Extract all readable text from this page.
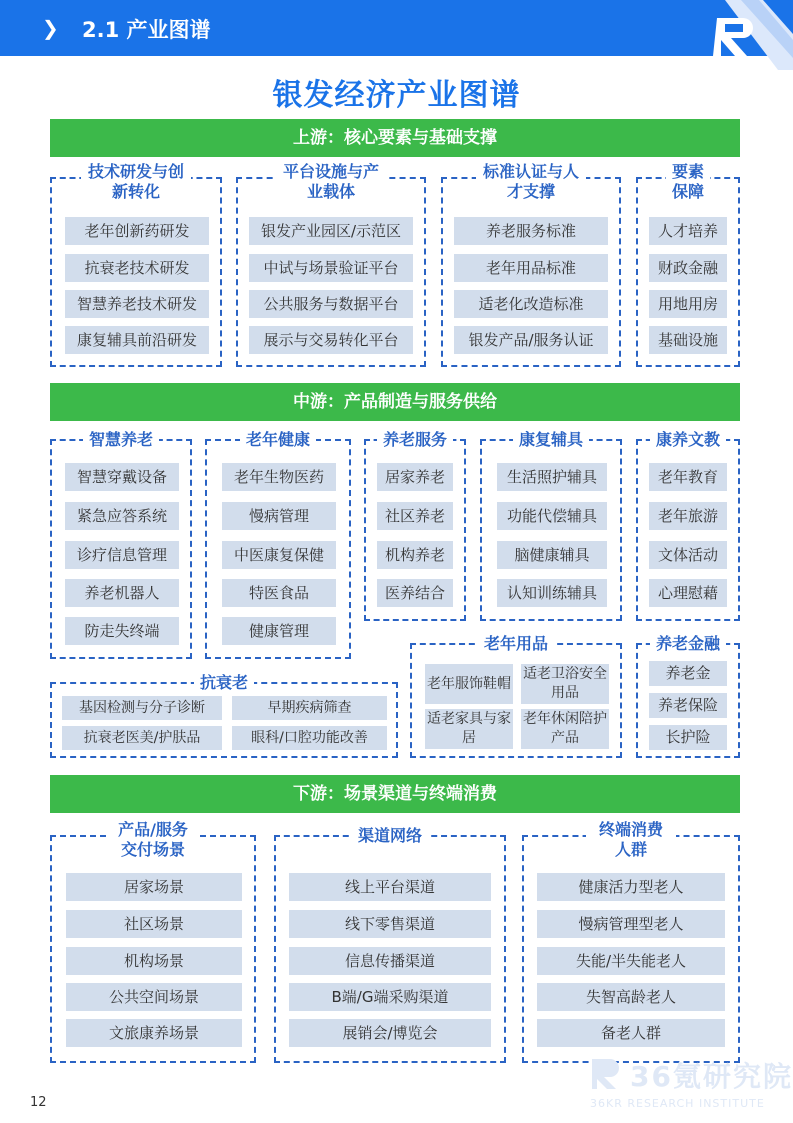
❯ 2.1 产业图谱
银发经济产业图谱
上游：核心要素与基础支撑
技术研发与创新转化
老年创新药研发
抗衰老技术研发
智慧养老技术研发
康复辅具前沿研发
平台设施与产业载体
银发产业园区/示范区
中试与场景验证平台
公共服务与数据平台
展示与交易转化平台
标准认证与人才支撑
养老服务标准
老年用品标准
适老化改造标准
银发产品/服务认证
要素保障
人才培养
财政金融
用地用房
基础设施
中游：产品制造与服务供给
智慧养老
智慧穿戴设备
紧急应答系统
诊疗信息管理
养老机器人
防走失终端
老年健康
老年生物医药
慢病管理
中医康复保健
特医食品
健康管理
养老服务
居家养老
社区养老
机构养老
医养结合
康复辅具
生活照护辅具
功能代偿辅具
脑健康辅具
认知训练辅具
康养文教
老年教育
老年旅游
文体活动
心理慰藉
抗衰老
基因检测与分子诊断	早期疾病筛查
抗衰老医美/护肤品	眼科/口腔功能改善
老年用品
老年服饰鞋帽
适老卫浴安全用品
适老家具与家居
老年休闲陪护产品
养老金融
养老金
养老保险
长护险
下游：场景渠道与终端消费
产品/服务交付场景
居家场景
社区场景
机构场景
公共空间场景
文旅康养场景
渠道网络
线上平台渠道
线下零售渠道
信息传播渠道
B端/G端采购渠道
展销会/博览会
终端消费人群
健康活力型老人
慢病管理型老人
失能/半失能老人
失智高龄老人
备老人群
12
36氪研究院
36KR RESEARCH INSTITUTE
